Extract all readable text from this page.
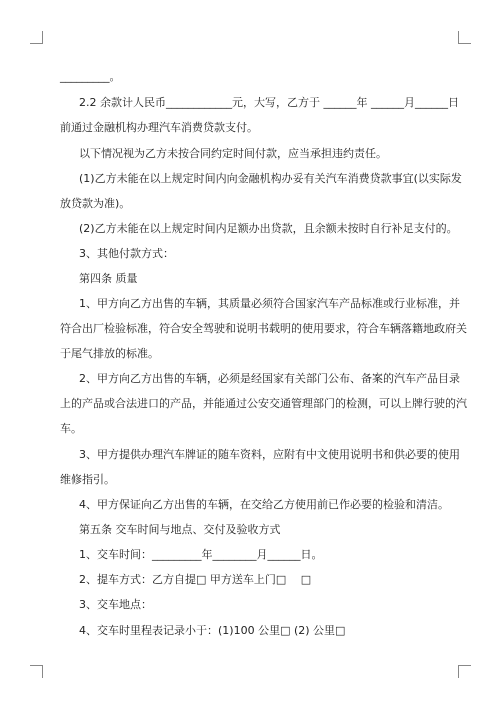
_________。
2.2 余款计人民币____________元，大写，乙方于 ______年 ______月______日
前通过金融机构办理汽车消费贷款支付。
以下情况视为乙方未按合同约定时间付款，应当承担违约责任。
(1)乙方未能在以上规定时间内向金融机构办妥有关汽车消费贷款事宜(以实际发
放贷款为准)。
(2)乙方未能在以上规定时间内足额办出贷款，且余额未按时自行补足支付的。
3、其他付款方式：
第四条 质量
1、甲方向乙方出售的车辆，其质量必须符合国家汽车产品标准或行业标准，并
符合出厂检验标准，符合安全驾驶和说明书载明的使用要求，符合车辆落籍地政府关
于尾气排放的标准。
2、甲方向乙方出售的车辆，必须是经国家有关部门公布、备案的汽车产品目录
上的产品或合法进口的产品，并能通过公安交通管理部门的检测，可以上牌行驶的汽
车。
3、甲方提供办理汽车牌证的随车资料，应附有中文使用说明书和供必要的使用
维修指引。
4、甲方保证向乙方出售的车辆，在交给乙方使用前已作必要的检验和清洁。
第五条 交车时间与地点、交付及验收方式
1、交车时间：_________年________月______日。
2、提车方式：乙方自提□ 甲方送车上门□　 □
3、交车地点：
4、交车时里程表记录小于：(1)100 公里□ (2) 公里□
